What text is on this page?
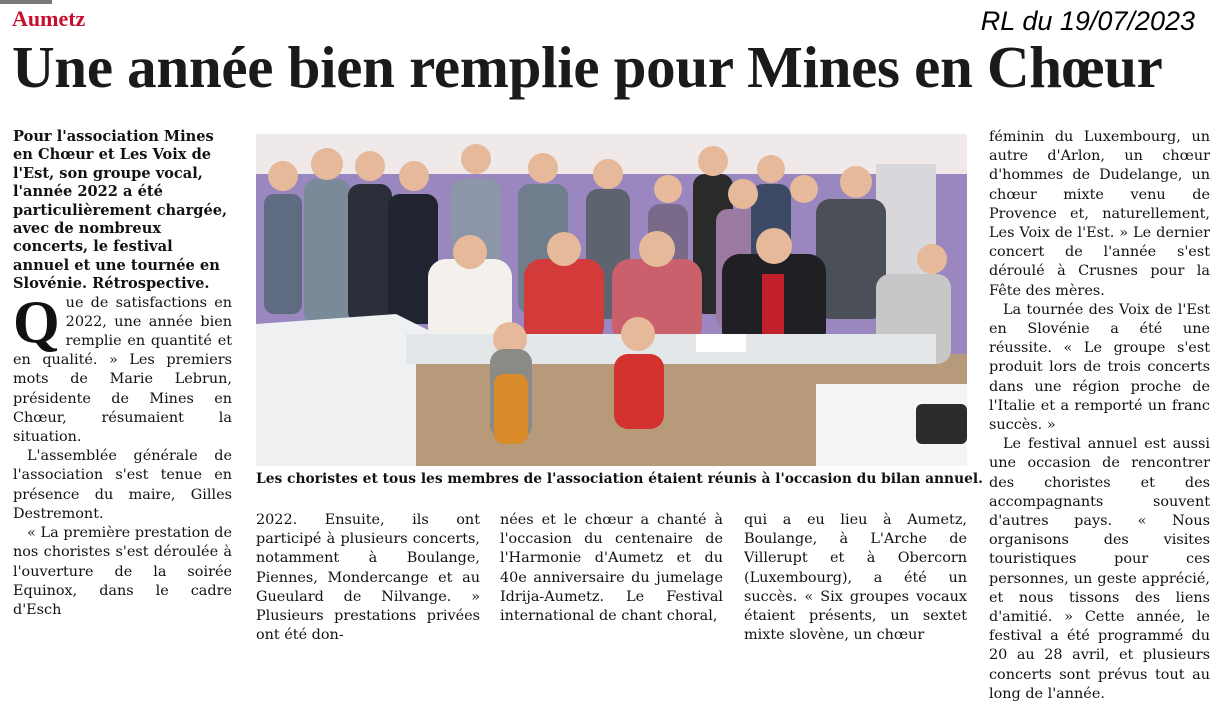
Aumetz	RL du 19/07/2023
Une année bien remplie pour Mines en Chœur

Pour l'association Mines en Chœur et Les Voix de l'Est, son groupe vocal, l'année 2022 a été particulièrement chargée, avec de nombreux concerts, le festival annuel et une tournée en Slovénie. Rétrospective.

Que de satisfactions en 2022, une année bien remplie en quantité et en qualité. » Les premiers mots de Marie Lebrun, présidente de Mines en Chœur, résumaient la situation.

L'assemblée générale de l'association s'est tenue en présence du maire, Gilles Destremont.

« La première prestation de nos choristes s'est déroulée à l'ouverture de la soirée Equinox, dans le cadre d'Esch

Les choristes et tous les membres de l'association étaient réunis à l'occasion du bilan annuel.

2022. Ensuite, ils ont participé à plusieurs concerts, notamment à Boulange, Piennes, Mondercange et au Gueulard de Nilvange. » Plusieurs prestations privées ont été don-

nées et le chœur a chanté à l'occasion du centenaire de l'Harmonie d'Aumetz et du 40e anniversaire du jumelage Idrija-Aumetz. Le Festival international de chant choral,

qui a eu lieu à Aumetz, Boulange, à L'Arche de Villerupt et à Obercorn (Luxembourg), a été un succès. « Six groupes vocaux étaient présents, un sextet mixte slovène, un chœur

féminin du Luxembourg, un autre d'Arlon, un chœur d'hommes de Dudelange, un chœur mixte venu de Provence et, naturellement, Les Voix de l'Est. » Le dernier concert de l'année s'est déroulé à Crusnes pour la Fête des mères.

La tournée des Voix de l'Est en Slovénie a été une réussite. « Le groupe s'est produit lors de trois concerts dans une région proche de l'Italie et a remporté un franc succès. »

Le festival annuel est aussi une occasion de rencontrer des choristes et des accompagnants souvent d'autres pays. « Nous organisons des visites touristiques pour ces personnes, un geste apprécié, et nous tissons des liens d'amitié. » Cette année, le festival a été programmé du 20 au 28 avril, et plusieurs concerts sont prévus tout au long de l'année.
